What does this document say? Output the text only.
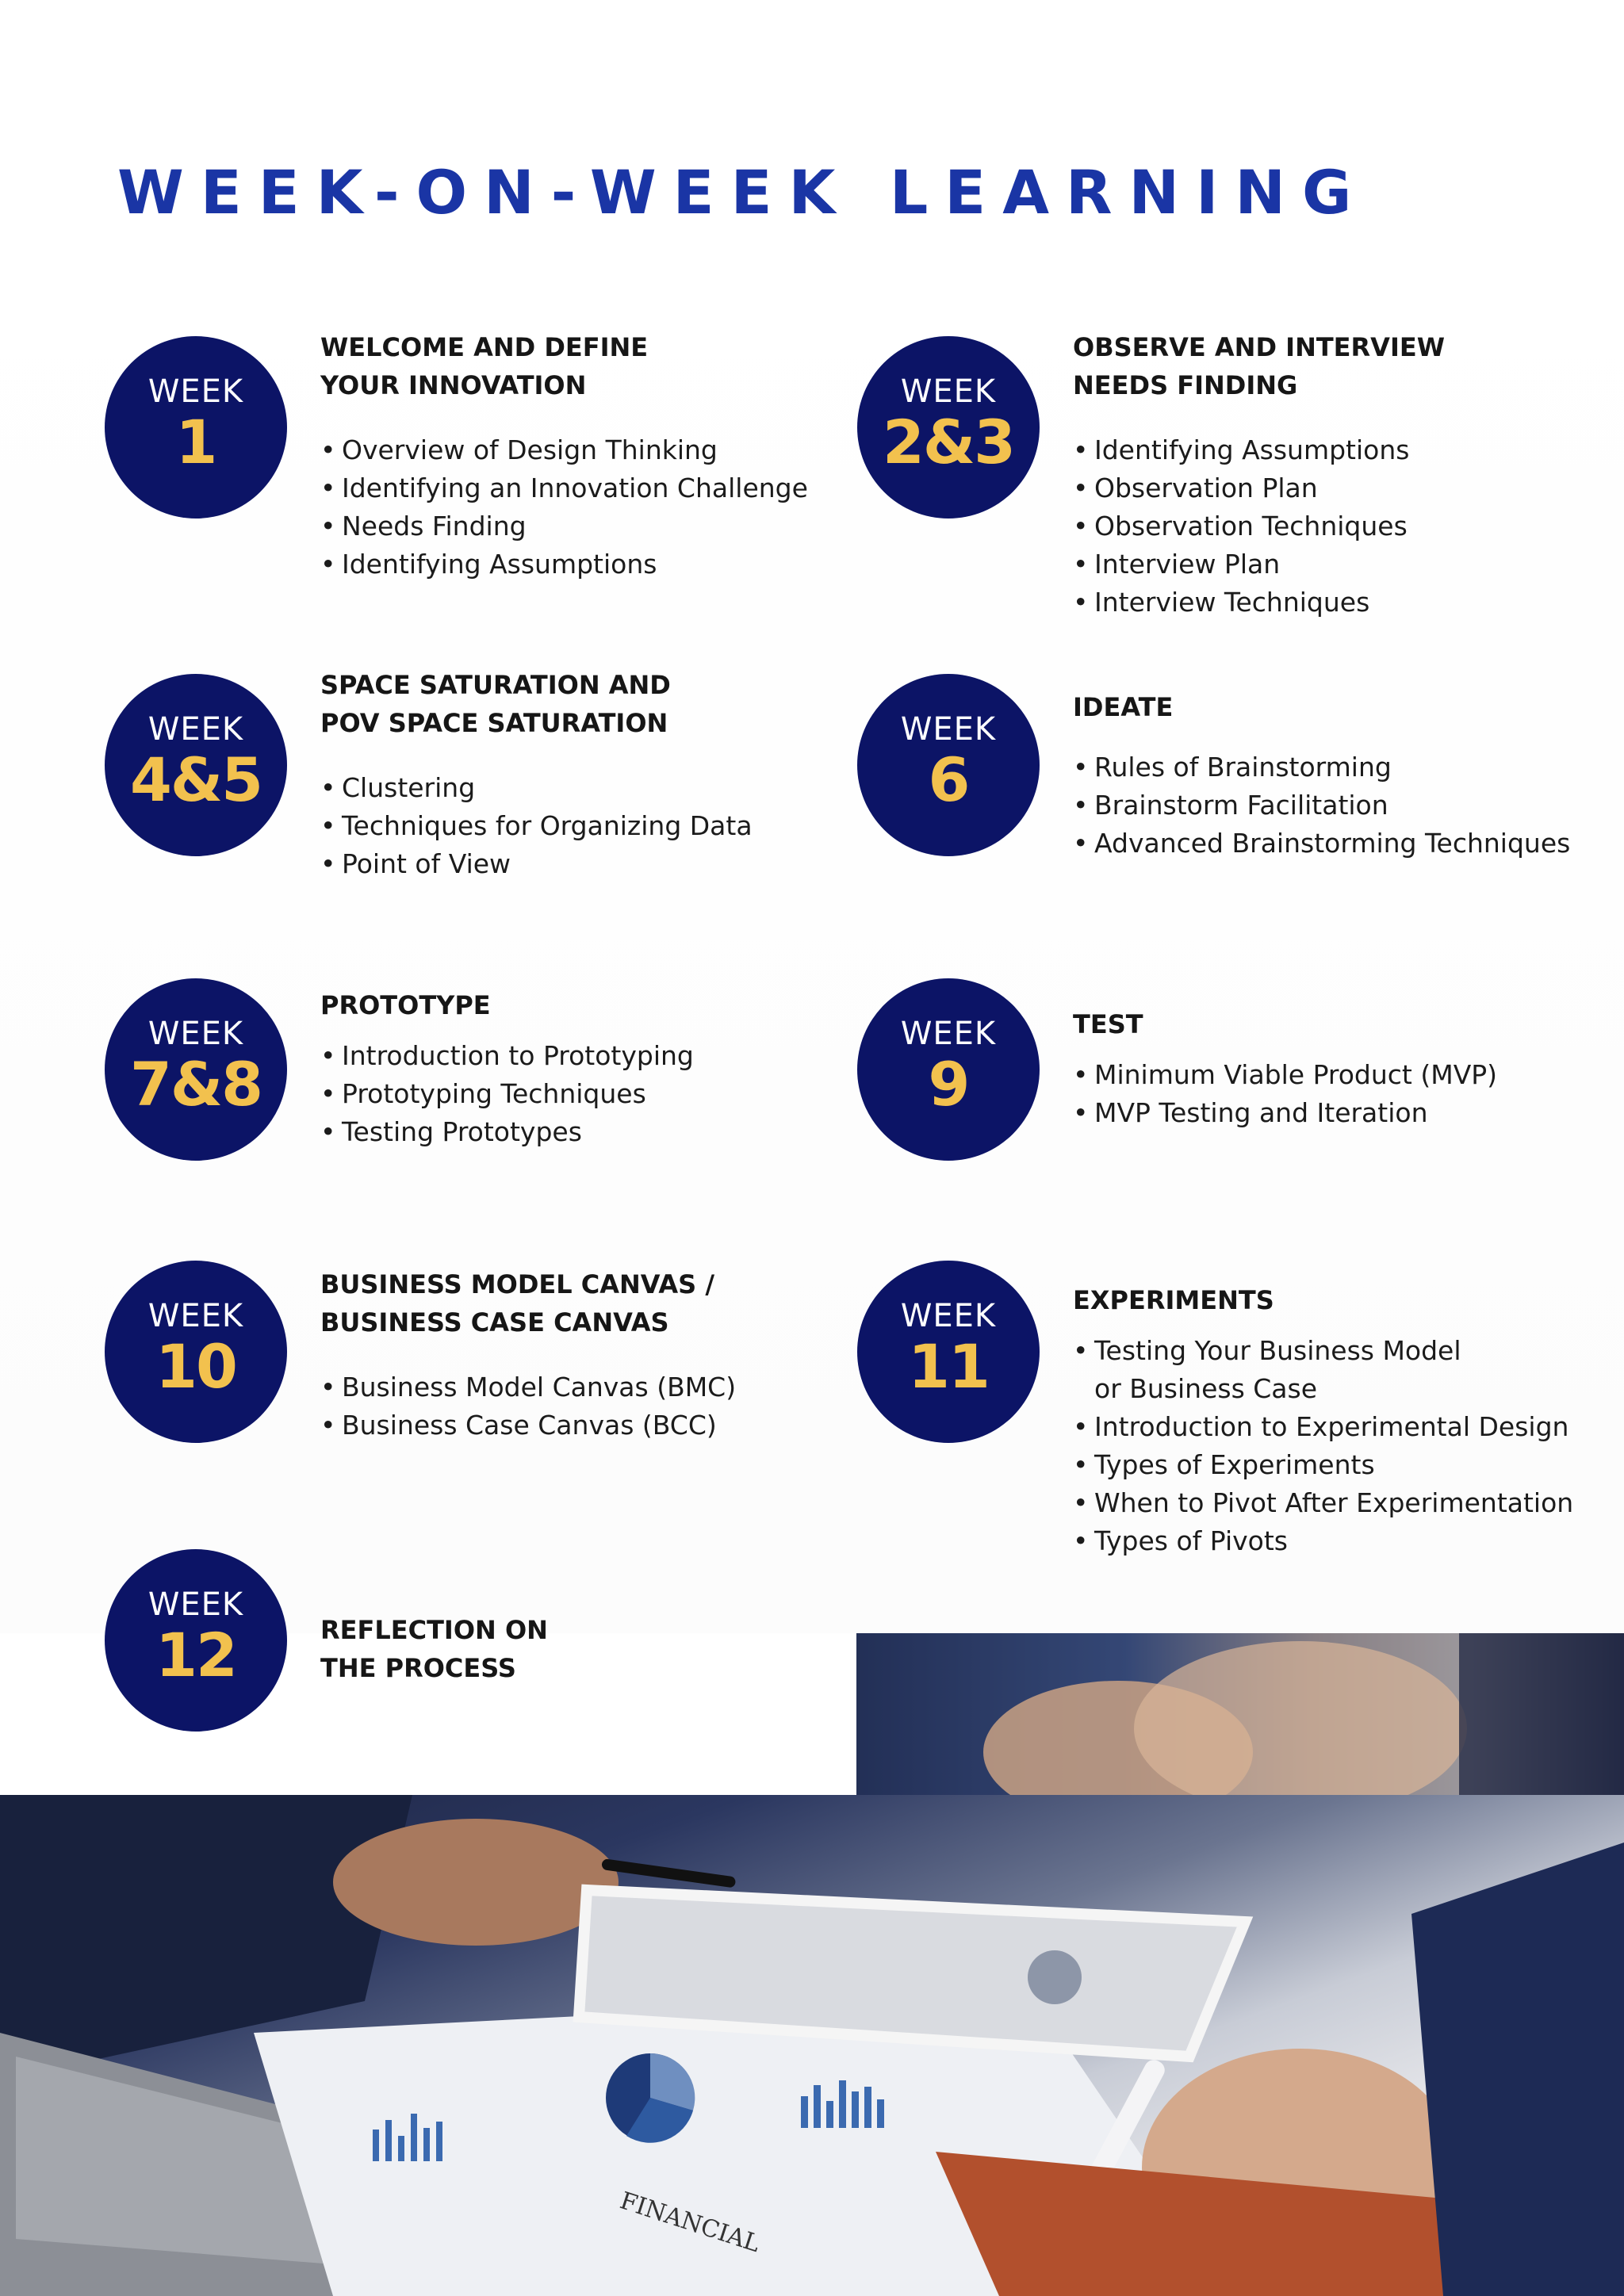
WEEK-ON-WEEK LEARNING
WEEK
1
WELCOME AND DEFINE
YOUR INNOVATION
• Overview of Design Thinking
• Identifying an Innovation Challenge
• Needs Finding
• Identifying Assumptions
WEEK
2&3
OBSERVE AND INTERVIEW
NEEDS FINDING
• Identifying Assumptions
• Observation Plan
• Observation Techniques
• Interview Plan
• Interview Techniques
WEEK
4&5
SPACE SATURATION AND
POV SPACE SATURATION
• Clustering
• Techniques for Organizing Data
• Point of View
WEEK
6
IDEATE
• Rules of Brainstorming
• Brainstorm Facilitation
• Advanced Brainstorming Techniques
WEEK
7&8
PROTOTYPE
• Introduction to Prototyping
• Prototyping Techniques
• Testing Prototypes
WEEK
9
TEST
• Minimum Viable Product (MVP)
• MVP Testing and Iteration
WEEK
10
BUSINESS MODEL CANVAS /
BUSINESS CASE CANVAS
• Business Model Canvas (BMC)
• Business Case Canvas (BCC)
WEEK
11
EXPERIMENTS
• Testing Your Business Model
or Business Case
• Introduction to Experimental Design
• Types of Experiments
• When to Pivot After Experimentation
• Types of Pivots
WEEK
12	REFLECTION ON
THE PROCESS
FINANCIAL
